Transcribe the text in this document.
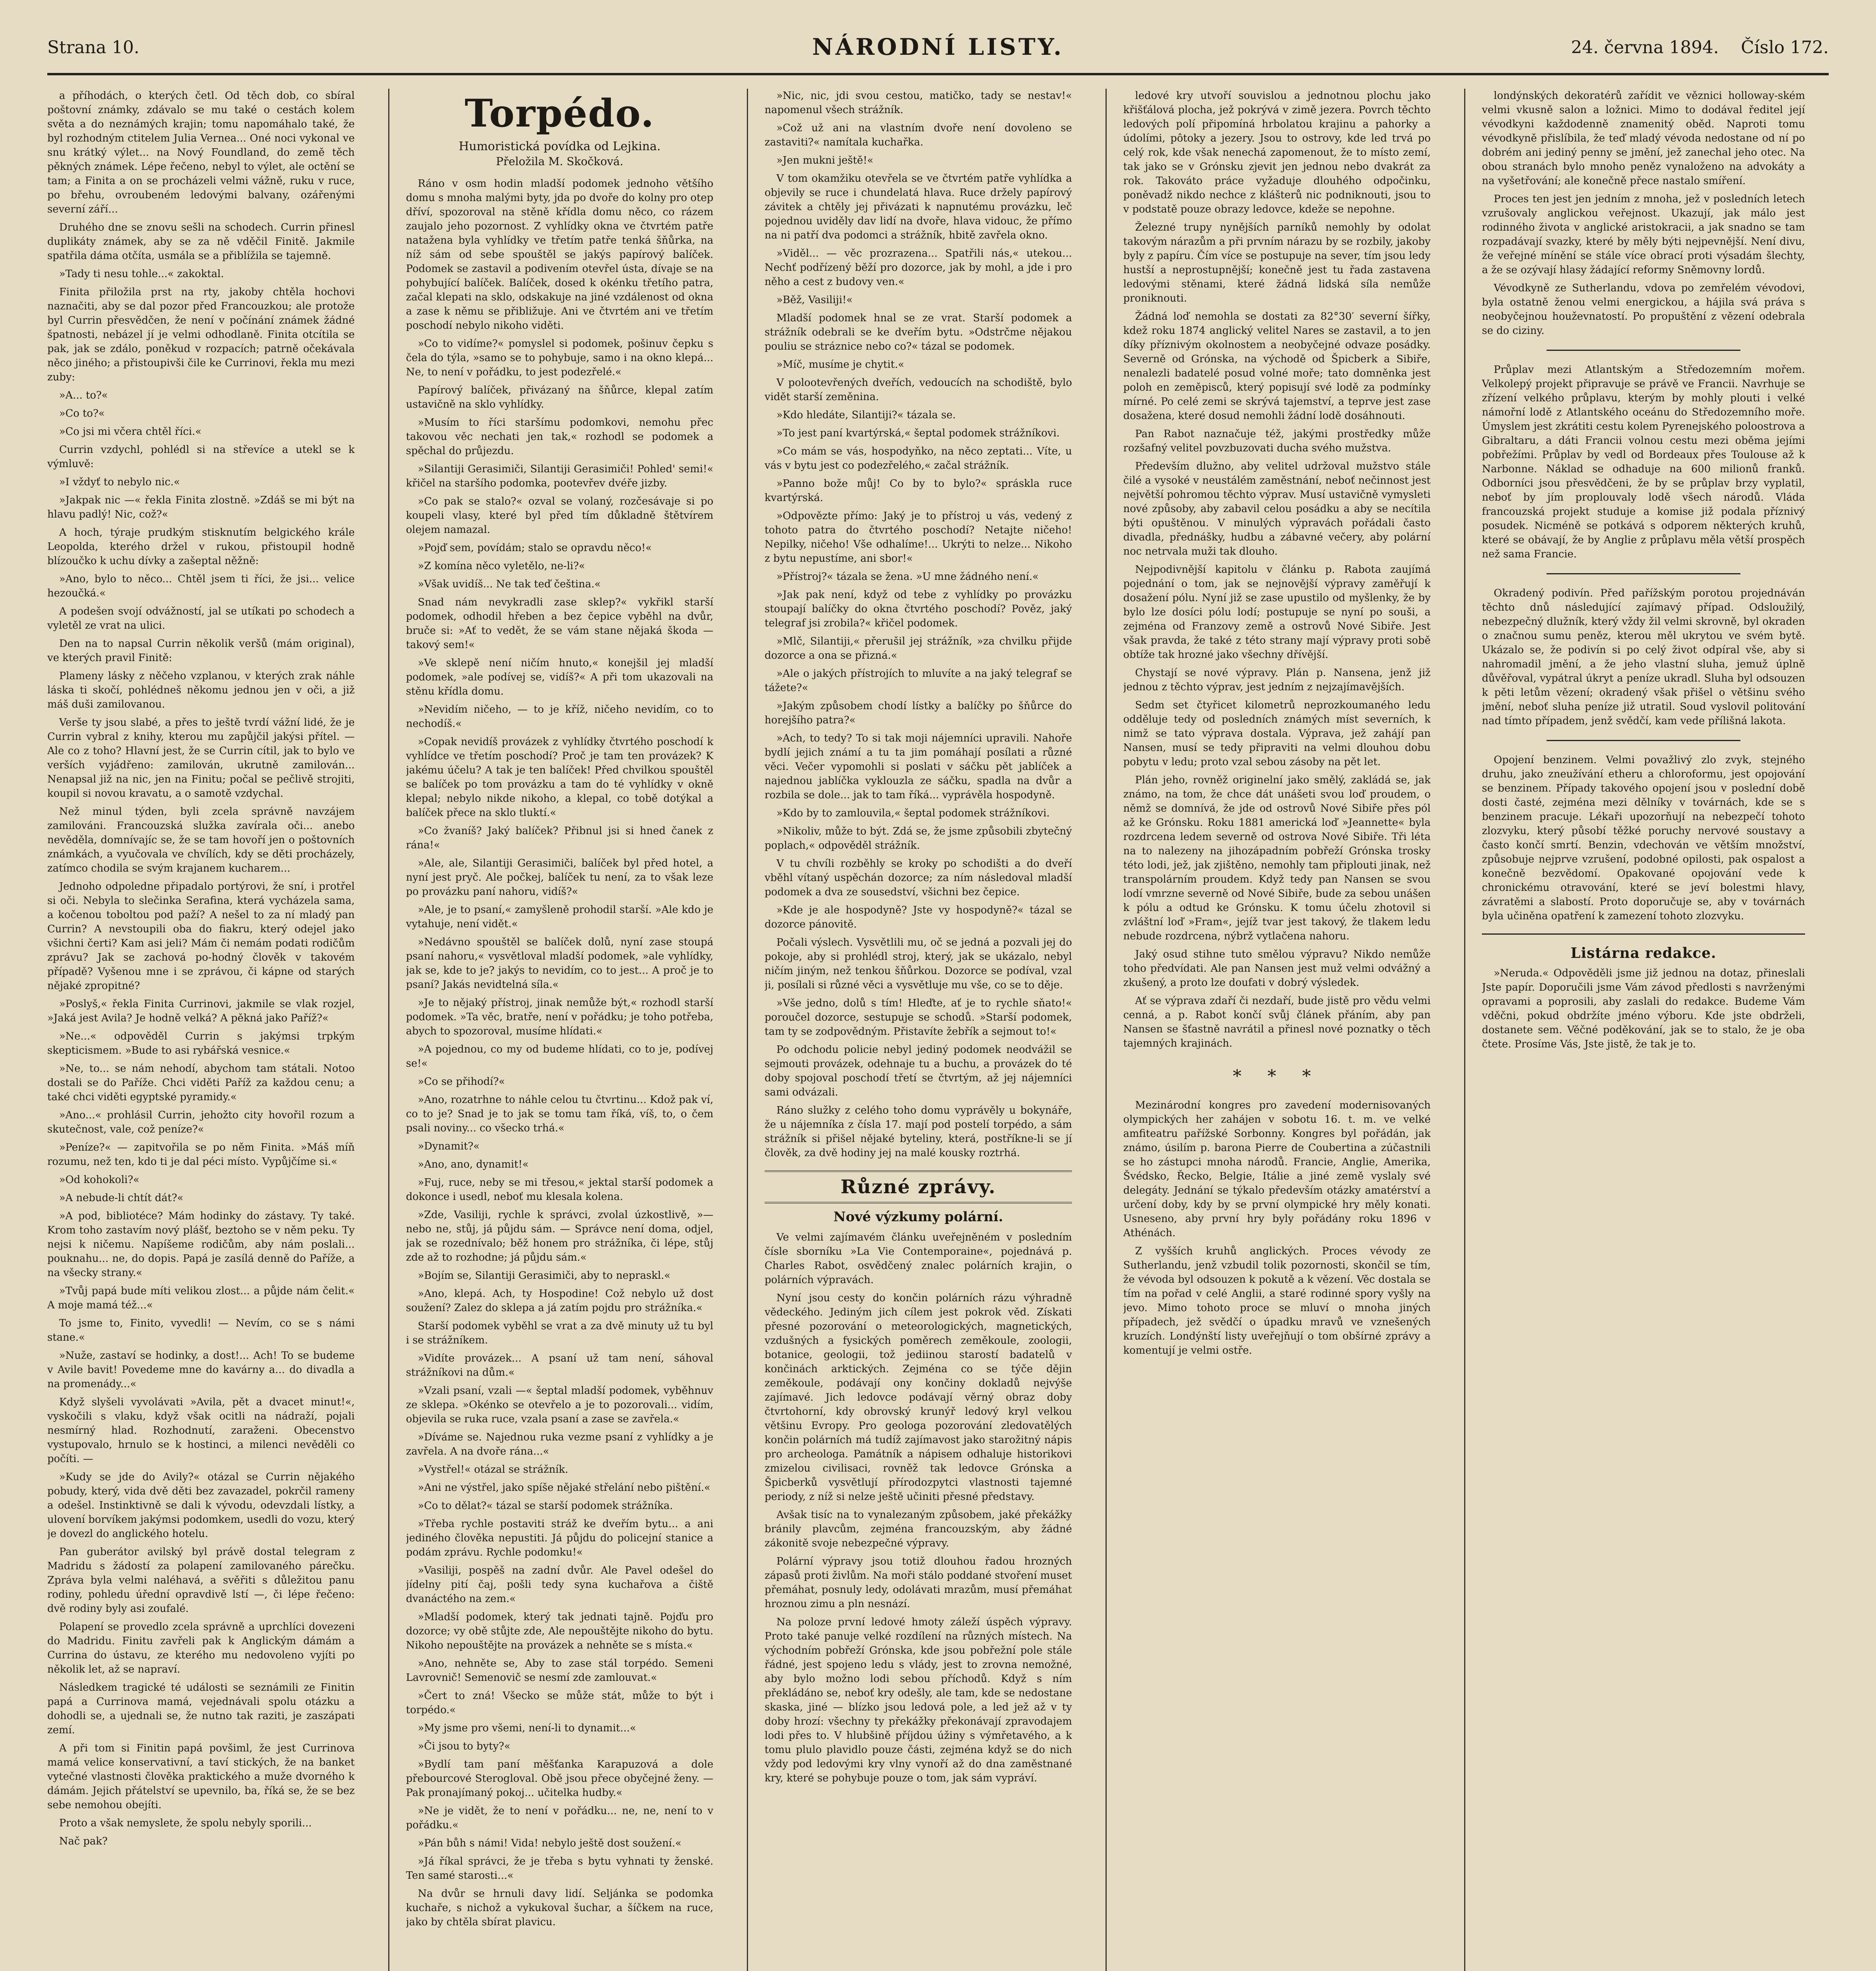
Strana 10.	NÁRODNÍ LISTY.	24. června 1894. Číslo 172.

a příhodách, o kterých četl. Od těch dob, co sbíral poštovní známky, zdávalo se mu také o cestách kolem světa a do neznámých krajin; tomu napomáhalo také, že byl rozhodným ctitelem Julia Vernea... Oné noci vykonal ve snu krátký výlet... na Nový Foundland, do země těch pěkných známek. Lépe řečeno, nebyl to výlet, ale octění se tam; a Finita a on se procházeli velmi vážně, ruku v ruce, po břehu, ovroubeném ledovými balvany, ozářenými severní září...

Druhého dne se znovu sešli na schodech. Currin přinesl duplikáty známek, aby se za ně vděčil Finitě. Jakmile spatřila dáma otčíta, usmála se a přiblížila se tajemně.

»Tady ti nesu tohle...« zakoktal.

Finita přiložila prst na rty, jakoby chtěla hochovi naznačiti, aby se dal pozor před Francouzkou; ale protože byl Currin přesvědčen, že není v počínání známek žádné špatnosti, nebázel jí je velmi odhodlaně. Finita otcítila se pak, jak se zdálo, poněkud v rozpacích; patrně očekávala něco jiného; a přistoupivši čile ke Currinovi, řekla mu mezi zuby:

»A... to?«

»Co to?«

»Co jsi mi včera chtěl říci.«

Currin vzdychl, pohlédl si na střevíce a utekl se k výmluvě:

»I vždyť to nebylo nic.«

»Jakpak nic —« řekla Finita zlostně. »Zdáš se mi být na hlavu padlý! Nic, což?«

A hoch, týraje prudkým stisknutím belgického krále Leopolda, kterého držel v rukou, přistoupil hodně blízoučko k uchu dívky a zašeptal něžně:

»Ano, bylo to něco... Chtěl jsem ti říci, že jsi... velice hezoučká.«

A podešen svojí odvážností, jal se utíkati po schodech a vyletěl ze vrat na ulici.

Den na to napsal Currin několik veršů (mám original), ve kterých pravil Finitě:

Plameny lásky z něčeho vzplanou, v kterých zrak náhle láska ti skočí, pohlédneš někomu jednou jen v oči, a již máš duši zamilovanou.

Verše ty jsou slabé, a přes to ještě tvrdí vážní lidé, že je Currin vybral z knihy, kterou mu zapůjčil jakýsi přítel. — Ale co z toho? Hlavní jest, že se Currin cítil, jak to bylo ve verších vyjádřeno: zamilován, ukrutně zamilován... Nenapsal již na nic, jen na Finitu; počal se pečlivě strojiti, koupil si novou kravatu, a o samotě vzdychal.

Než minul týden, byli zcela správně navzájem zamilováni. Francouzská služka zavírala oči... anebo nevěděla, domnívajíc se, že se tam hovoří jen o poštovních známkách, a vyučovala ve chvílích, kdy se děti procházely, zatímco chodila se svým krajanem kucharem...

Jednoho odpoledne připadalo portýrovi, že sní, i protřel si oči. Nebyla to slečinka Serafina, která vycházela sama, a kočenou toboltou pod paží? A nešel to za ní mladý pan Currin? A nevstoupili oba do fiakru, který odejel jako všichni čerti? Kam asi jeli? Mám či nemám podati rodičům zprávu? Jak se zachová po-hodný člověk v takovém případě? Vyšenou mne i se zprávou, či kápne od starých nějaké zpropitné?

»Poslyš,« řekla Finita Currinovi, jakmile se vlak rozjel, »Jaká jest Avila? Je hodně velká? A pěkná jako Paříž?«

»Ne...« odpověděl Currin s jakýmsi trpkým skepticismem. »Bude to asi rybářská vesnice.«

»Ne, to... se nám nehodí, abychom tam státali. Notoo dostali se do Paříže. Chci viděti Paříž za každou cenu; a také chci viděti egyptské pyramidy.«

»Ano...« prohlásil Currin, jehožto city hovořil rozum a skutečnost, vale, což peníze?«

»Peníze?« — zapitvořila se po něm Finita. »Máš míň rozumu, než ten, kdo ti je dal péci místo. Vypůjčíme si.«

»Od kohokoli?«

»A nebude-li chtít dát?«

»A pod, bibliotéce? Mám hodinky do zástavy. Ty také. Krom toho zastavím nový plášť, beztoho se v něm peku. Ty nejsi k ničemu. Napíšeme rodičům, aby nám poslali... pouknahu... ne, do dopis. Papá je zasílá denně do Paříže, a na všecky strany.«

»Tvůj papá bude míti velikou zlost... a půjde nám čelit.« A moje mamá též...«

To jsme to, Finito, vyvedli! — Nevím, co se s námi stane.«

»Nuže, zastaví se hodinky, a dost!... Ach! To se budeme v Avile bavit! Povedeme mne do kavárny a... do divadla a na promenády...«

Když slyšeli vyvolávati »Avila, pět a dvacet minut!«, vyskočili s vlaku, když však ocitli na nádraží, pojali nesmírný hlad. Rozhodnutí, zaraženi. Obecenstvo vystupovalo, hrnulo se k hostinci, a milenci nevěděli co počíti. —

»Kudy se jde do Avily?« otázal se Currin nějakého pobudy, který, vida dvě děti bez zavazadel, pokrčil rameny a odešel. Instinktivně se dali k vývodu, odevzdali lístky, a ulovení borvíkem jakýmsi podomkem, usedli do vozu, který je dovezl do anglického hotelu.

Pan guberátor avilský byl právě dostal telegram z Madridu s žádostí za polapení zamilovaného párečku. Zpráva byla velmi naléhavá, a svěřiti s důležitou panu rodiny, pohledu úřední opravdivě lstí —, či lépe řečeno: dvě rodiny byly asi zoufalé.

Polapení se provedlo zcela správně a uprchlíci dovezeni do Madridu. Finitu zavřeli pak k Anglickým dámám a Currina do ústavu, ze kterého mu nedovoleno vyjíti po několik let, až se napraví.

Následkem tragické té události se seznámili ze Finitin papá a Currinova mamá, vejednávali spolu otázku a dohodli se, a ujednali se, že nutno tak raziti, je zaszápati zemí.

A při tom si Finitin papá povšiml, že jest Currinova mamá velice konservativní, a taví stických, že na banket vytečné vlastnosti člověka praktického a muže dvorného k dámám. Jejich přátelství se upevnilo, ba, říká se, že se bez sebe nemohou obejíti.

Proto a však nemyslete, že spolu nebyly sporili...

Nač pak?

Torpédo.

Humoristická povídka od Lejkina.

Přeložila M. Skočková.

Ráno v osm hodin mladší podomek jednoho většího domu s mnoha malými byty, jda po dvoře do kolny pro otep dříví, spozoroval na stěně křídla domu něco, co rázem zaujalo jeho pozornost. Z vyhlídky okna ve čtvrtém patře natažena byla vyhlídky ve třetím patře tenká šňůrka, na níž sám od sebe spouštěl se jakýs papírový balíček. Podomek se zastavil a podivením otevřel ústa, dívaje se na pohybující balíček. Balíček, dosed k okénku třetího patra, začal klepati na sklo, odskakuje na jiné vzdálenost od okna a zase k němu se přibližuje. Ani ve čtvrtém ani ve třetím poschodí nebylo nikoho viděti.

»Co to vidíme?« pomyslel si podomek, pošinuv čepku s čela do týla, »samo se to pohybuje, samo i na okno klepá... Ne, to není v pořádku, to jest podezřelé.«

Papírový balíček, přivázaný na šňůrce, klepal zatím ustavičně na sklo vyhlídky.

»Musím to říci staršímu podomkovi, nemohu přec takovou věc nechati jen tak,« rozhodl se podomek a spěchal do průjezdu.

»Silantiji Gerasimiči, Silantiji Gerasimiči! Pohled' semi!« křičel na staršího podomka, pootevřev dvéře jizby.

»Co pak se stalo?« ozval se volaný, rozčesávaje si po koupeli vlasy, které byl před tím důkladně štětvírem olejem namazal.

»Pojď sem, povídám; stalo se opravdu něco!«

»Z komína něco vyletělo, ne-li?«

»Však uvidíš... Ne tak teď čeština.«

Snad nám nevykradli zase sklep?« vykřikl starší podomek, odhodil hřeben a bez čepice vyběhl na dvůr, bruče si: »Ať to vedět, že se vám stane nějaká škoda — takový sem!«

»Ve sklepě není ničím hnuto,« konejšil jej mladší podomek, »ale podívej se, vidíš?« A při tom ukazovali na stěnu křídla domu.

»Nevidím ničeho, — to je kříž, ničeho nevidím, co to nechodíš.«

»Copak nevidíš provázek z vyhlídky čtvrtého poschodí k vyhlídce ve třetím poschodí? Proč je tam ten provázek? K jakému účelu? A tak je ten balíček! Před chvilkou spouštěl se balíček po tom provázku a tam do té vyhlídky v okně klepal; nebylo nikde nikoho, a klepal, co tobě dotýkal a balíček přece na sklo tluktí.«

»Co žvaníš? Jaký balíček? Přibnul jsi si hned čanek z rána!«

»Ale, ale, Silantiji Gerasimiči, balíček byl před hotel, a nyní jest pryč. Ale počkej, balíček tu není, za to však leze po provázku paní nahoru, vidíš?«

»Ale, je to psaní,« zamyšleně prohodil starší. »Ale kdo je vytahuje, není vidět.«

»Nedávno spouštěl se balíček dolů, nyní zase stoupá psaní nahoru,« vysvětloval mladší podomek, »ale vyhlídky, jak se, kde to je? jakýs to nevidím, co to jest... A proč je to psaní? Jakás nevidtelná síla.«

»Je to nějaký přístroj, jinak nemůže být,« rozhodl starší podomek. »Ta věc, bratře, není v pořádku; je toho potřeba, abych to spozoroval, musíme hlídati.«

»A pojednou, co my od budeme hlídati, co to je, podívej se!«

»Co se přihodí?«

»Ano, rozatrhne to náhle celou tu čtvrtinu... Kdož pak ví, co to je? Snad je to jak se tomu tam říká, víš, to, o čem psali noviny... co všecko trhá.«

»Dynamit?«

»Ano, ano, dynamit!«

»Fuj, ruce, neby se mi třesou,« jektal starší podomek a dokonce i usedl, neboť mu klesala kolena.

»Zde, Vasiliji, rychle k správci, zvolal úzkostlivě, »— nebo ne, stůj, já půjdu sám. — Správce není doma, odjel, jak se rozednívalo; běž honem pro strážníka, či lépe, stůj zde až to rozhodne; já půjdu sám.«

»Bojím se, Silantiji Gerasimiči, aby to nepraskl.«

»Ano, klepá. Ach, ty Hospodine! Což nebylo už dost soužení? Zalez do sklepa a já zatím pojdu pro strážníka.«

Starší podomek vyběhl se vrat a za dvě minuty už tu byl i se strážníkem.

»Vidíte provázek... A psaní už tam není, sáhoval strážníkovi na dům.«

»Vzali psaní, vzali —« šeptal mladší podomek, vyběhnuv ze sklepa. »Okénko se otevřelo a je to pozorovali... vidím, objevila se ruka ruce, vzala psaní a zase se zavřela.«

»Díváme se. Najednou ruka vezme psaní z vyhlídky a je zavřela. A na dvoře rána...«

»Vystřel!« otázal se strážník.

»Ani ne výstřel, jako spíše nějaké střelání nebo pištění.«

»Co to dělat?« tázal se starší podomek strážníka.

»Třeba rychle postaviti stráž ke dveřím bytu... a ani jediného člověka nepustiti. Já půjdu do policejní stanice a podám zprávu. Rychle podomku!«

»Vasiliji, pospěš na zadní dvůr. Ale Pavel odešel do jídelny pití čaj, pošli tedy syna kuchařova a čiště dvanáctého na zem.«

»Mladší podomek, který tak jednati tajně. Pojďu pro dozorce; vy obě stůjte zde, Ale nepouštějte nikoho do bytu. Nikoho nepouštějte na provázek a nehněte se s místa.«

»Ano, nehněte se, Aby to zase stál torpédo. Semeni Lavrovnič! Semenovič se nesmí zde zamlouvat.«

»Čert to zná! Všecko se může stát, může to být i torpédo.«

»My jsme pro všemi, není-li to dynamit...«

»Či jsou to byty?«

»Bydlí tam paní měšťanka Karapuzová a dole přebourcové Sterogloval. Obě jsou přece obyčejné ženy. — Pak pronajímaný pokoj... učitelka hudby.«

»Ne je vidět, že to není v pořádku... ne, ne, není to v pořádku.«

»Pán bůh s námi! Vida! nebylo ještě dost soužení.«

»Já říkal správci, že je třeba s bytu vyhnati ty ženské. Ten samé starosti...«

Na dvůr se hrnuli davy lidí. Seljánka se podomka kuchaře, s nichož a vykukoval šuchar, a šíčkem na ruce, jako by chtěla sbírat plavicu.

»Nic, nic, jdi svou cestou, matičko, tady se nestav!« napomenul všech strážník.

»Což už ani na vlastním dvoře není dovoleno se zastaviti?« namítala kuchařka.

»Jen mukni ještě!«

V tom okamžiku otevřela se ve čtvrtém patře vyhlídka a objevily se ruce i chundelatá hlava. Ruce držely papírový závitek a chtěly jej přivázati k napnutému provázku, leč pojednou uviděly dav lidí na dvoře, hlava vidouc, že přímo na ni patří dva podomci a strážník, hbitě zavřela okno.

»Viděl... — věc prozrazena... Spatřili nás,« utekou... Nechť podřízený běží pro dozorce, jak by mohl, a jde i pro něho a cest z budovy ven.«

»Běž, Vasiliji!«

Mladší podomek hnal se ze vrat. Starší podomek a strážník odebrali se ke dveřím bytu. »Odstrčme nějakou pouliu se stráznice nebo co?« tázal se podomek.

»Míč, musíme je chytit.«

V polootevřených dveřích, vedoucích na schodiště, bylo vidět starší zeměnina.

»Kdo hledáte, Silantiji?« tázala se.

»To jest paní kvartýrská,« šeptal podomek strážníkovi.

»Co mám se vás, hospodyňko, na něco zeptati... Víte, u vás v bytu jest co podezřelého,« začal strážník.

»Panno bože můj! Co by to bylo?« spráskla ruce kvartýrská.

»Odpovězte přímo: Jaký je to přístroj u vás, vedený z tohoto patra do čtvrtého poschodí? Netajte ničeho! Nepilky, ničeho! Vše odhalíme!... Ukrýti to nelze... Nikoho z bytu nepustíme, ani sbor!«

»Přístroj?« tázala se žena. »U mne žádného není.«

»Jak pak není, když od tebe z vyhlídky po provázku stoupají balíčky do okna čtvrtého poschodí? Pověz, jaký telegraf jsi zrobila?« křičel podomek.

»Mlč, Silantiji,« přerušil jej strážník, »za chvilku přijde dozorce a ona se přizná.«

»Ale o jakých přístrojích to mluvíte a na jaký telegraf se tážete?«

»Jakým způsobem chodí lístky a balíčky po šňůrce do horejšího patra?«

»Ach, to tedy? To si tak moji nájemníci upravili. Nahoře bydlí jejich známí a tu ta jim pomáhají posílati a různé věci. Večer vypomohli si poslati v sáčku pět jablíček a najednou jablíčka vyklouzla ze sáčku, spadla na dvůr a rozbila se dole... jak to tam říká... vyprávěla hospodyně.

»Kdo by to zamlouvila,« šeptal podomek strážníkovi.

»Nikoliv, může to být. Zdá se, že jsme způsobili zbytečný poplach,« odpověděl strážník.

V tu chvíli rozběhly se kroky po schodišti a do dveří vběhl vítaný uspěchán dozorce; za ním následoval mladší podomek a dva ze sousedství, všichni bez čepice.

»Kde je ale hospodyně? Jste vy hospodyně?« tázal se dozorce pánovitě.

Počali výslech. Vysvětlili mu, oč se jedná a pozvali jej do pokoje, aby si prohlédl stroj, který, jak se ukázalo, nebyl ničím jiným, než tenkou šňůrkou. Dozorce se podíval, vzal ji, posílali si různé věci a vysvětluje mu vše, co se to děje.

»Vše jedno, dolů s tím! Hleďte, ať je to rychle sňato!« poroučel dozorce, sestupuje se schodů. »Starší podomek, tam ty se zodpovědným. Přistavíte žebřík a sejmout to!«

Po odchodu policie nebyl jediný podomek neodvážil se sejmouti provázek, odehnaje tu a buchu, a provázek do té doby spojoval poschodí třetí se čtvrtým, až jej nájemníci sami odvázali.

Ráno služky z celého toho domu vyprávěly u bokynáře, že u nájemníka z čísla 17. mají pod postelí torpédo, a sám strážník si přišel nějaké byteliny, která, postříkne-li se jí člověk, za dvě hodiny jej na malé kousky roztrhá.

Různé zprávy.
Nové výzkumy polární.

Ve velmi zajímavém článku uveřejněném v posledním čísle sborníku »La Vie Contemporaine«, pojednává p. Charles Rabot, osvědčený znalec polárních krajin, o polárních výpravách.

Nyní jsou cesty do končin polárních rázu výhradně vědeckého. Jediným jich cílem jest pokrok věd. Získati přesné pozorování o meteorologických, magnetických, vzdušných a fysických poměrech zeměkoule, zoologii, botanice, geologii, tož jediinou starostí badatelů v končinách arktických. Zejména co se týče dějin zeměkoule, podávají ony končiny dokladů nejvýše zajímavé. Jich ledovce podávají věrný obraz doby čtvrtohorní, kdy obrovský krunýř ledový kryl velkou většinu Evropy. Pro geologa pozorování zledovatělých končin polárních má tudíž zajímavost jako starožitný nápis pro archeologa. Památník a nápisem odhaluje historikovi zmizelou civilisaci, rovněž tak ledovce Grónska a Špicberků vysvětlují přírodozpytci vlastnosti tajemné periody, z níž si nelze ještě učiniti přesné představy.

Avšak tisíc na to vynalezaným způsobem, jaké překážky bránily plavcům, zejména francouzským, aby žádné zákonitě svoje nebezpečné výpravy.

Polární výpravy jsou totiž dlouhou řadou hrozných zápasů proti živlům. Na moři stálo poddané stvoření muset přemáhat, posnuly ledy, odolávati mrazům, musí přemáhat hroznou zimu a pln nesnází.

Na poloze první ledové hmoty záleží úspěch výpravy. Proto také panuje velké rozdílení na různých místech. Na východním pobřeží Grónska, kde jsou pobřežní pole stále řádné, jest spojeno ledu s vlády, jest to zrovna nemožné, aby bylo možno lodi sebou příchodů. Když s ním překládáno se, neboť kry odešly, ale tam, kde se nedostane skaska, jiné — blízko jsou ledová pole, a led jež až v ty doby hrozí: všechny ty překážky překonávají zpravodajem lodi přes to. V hlubšině příjdou úžiny s výmřetavého, a k tomu plulo plavidlo pouze části, zejména když se do nich vždy pod ledovými kry vlny vynoří až do dna zaměstnané kry, které se pohybuje pouze o tom, jak sám vypráví.

ledové kry utvoří souvislou a jednotnou plochu jako křišťálová plocha, jež pokrývá v zimě jezera. Povrch těchto ledových polí připomíná hrbolatou krajinu a pahorky a údolími, pôtoky a jezery. Jsou to ostrovy, kde led trvá po celý rok, kde však nenechá zapomenout, že to místo zemí, tak jako se v Grónsku zjevit jen jednou nebo dvakrát za rok. Takováto práce vyžaduje dlouhého odpočinku, poněvadž nikdo nechce z klášterů nic podniknouti, jsou to v podstatě pouze obrazy ledovce, kdeže se nepohne.

Železné trupy nynějších parníků nemohly by odolat takovým nárazům a při prvním nárazu by se rozbily, jakoby byly z papíru. Čím více se postupuje na sever, tím jsou ledy hustší a neprostupnější; konečně jest tu řada zastavena ledovými stěnami, které žádná lidská síla nemůže proniknouti.

Žádná loď nemohla se dostati za 82°30′ severní šířky, kdež roku 1874 anglický velitel Nares se zastavil, a to jen díky příznivým okolnostem a neobyčejné odvaze posádky. Severně od Grónska, na východě od Špicberk a Sibiře, nenalezli badatelé posud volné moře; tato domněnka jest poloh en zeměpisců, který popisují své lodě za podmínky mírné. Po celé zemi se skrývá tajemství, a teprve jest zase dosažena, které dosud nemohli žádní lodě dosáhnouti.

Pan Rabot naznačuje též, jakými prostředky může rozšafný velitel povzbuzovati ducha svého mužstva.

Především dlužno, aby velitel udržoval mužstvo stále čilé a vysoké v neustálém zaměstnání, neboť nečinnost jest největší pohromou těchto výprav. Musí ustavičně vymysleti nové způsoby, aby zabavil celou posádku a aby se necítila býti opuštěnou. V minulých výpravách pořádali často divadla, přednášky, hudbu a zábavné večery, aby polární noc netrvala muži tak dlouho.

Nejpodivnější kapitolu v článku p. Rabota zaujímá pojednání o tom, jak se nejnovější výpravy zaměřují k dosažení pólu. Nyní již se zase upustilo od myšlenky, že by bylo lze dosíci pólu lodí; postupuje se nyní po souši, a zejména od Franzovy země a ostrovů Nové Sibiře. Jest však pravda, že také z této strany mají výpravy proti sobě obtíže tak hrozné jako všechny dřívější.

Chystají se nové výpravy. Plán p. Nansena, jenž již jednou z těchto výprav, jest jedním z nejzajímavějších.

Sedm set čtyřicet kilometrů neprozkoumaného ledu odděluje tedy od posledních známých míst severních, k nimž se tato výprava dostala. Výprava, jež zahájí pan Nansen, musí se tedy připraviti na velmi dlouhou dobu pobytu v ledu; proto vzal sebou zásoby na pět let.

Plán jeho, rovněž originelní jako smělý, zakládá se, jak známo, na tom, že chce dát unášeti svou loď proudem, o němž se domnívá, že jde od ostrovů Nové Sibiře přes pól až ke Grónsku. Roku 1881 americká loď »Jeannette« byla rozdrcena ledem severně od ostrova Nové Sibiře. Tři léta na to nalezeny na jihozápadním pobřeží Grónska trosky této lodi, jež, jak zjištěno, nemohly tam připlouti jinak, než transpolárním proudem. Když tedy pan Nansen se svou lodí vmrzne severně od Nové Sibiře, bude za sebou unášen k pólu a odtud ke Grónsku. K tomu účelu zhotovil si zvláštní loď »Fram«, jejíž tvar jest takový, že tlakem ledu nebude rozdrcena, nýbrž vytlačena nahoru.

Jaký osud stihne tuto smělou výpravu? Nikdo nemůže toho předvídati. Ale pan Nansen jest muž velmi odvážný a zkušený, a proto lze doufati v dobrý výsledek.

Ať se výprava zdaří či nezdaří, bude jistě pro vědu velmi cenná, a p. Rabot končí svůj článek přáním, aby pan Nansen se šťastně navrátil a přinesl nové poznatky o těch tajemných krajinách.

* * *

Mezinárodní kongres pro zavedení modernisovaných olympických her zahájen v sobotu 16. t. m. ve velké amfiteatru pařížské Sorbonny. Kongres byl pořádán, jak známo, úsilím p. barona Pierre de Coubertina a zúčastnili se ho zástupci mnoha národů. Francie, Anglie, Amerika, Švédsko, Řecko, Belgie, Itálie a jiné země vyslaly své delegáty. Jednání se týkalo především otázky amatérství a určení doby, kdy by se první olympické hry měly konati. Usneseno, aby první hry byly pořádány roku 1896 v Athénách.

Z vyšších kruhů anglických. Proces vévody ze Sutherlandu, jenž vzbudil tolik pozornosti, skončil se tím, že vévoda byl odsouzen k pokutě a k vězení. Věc dostala se tím na pořad v celé Anglii, a staré rodinné spory vyšly na jevo. Mimo tohoto proce se mluví o mnoha jiných případech, jež svědčí o úpadku mravů ve vznešených kruzích. Londýnští listy uveřejňují o tom obšírné zprávy a komentují je velmi ostře.

londýnských dekoratérů zařídit ve věznici holloway-ském velmi vkusně salon a ložnici. Mimo to dodával ředitel její vévodkyni každodenně znamenitý oběd. Naproti tomu vévodkyně přislíbila, že teď mladý vévoda nedostane od ní po dobrém ani jediný penny se jmění, jež zanechal jeho otec. Na obou stranách bylo mnoho peněz vynaloženo na advokáty a na vyšetřování; ale konečně přece nastalo smíření.

Proces ten jest jen jedním z mnoha, jež v posledních letech vzrušovaly anglickou veřejnost. Ukazují, jak málo jest rodinného života v anglické aristokracii, a jak snadno se tam rozpadávají svazky, které by měly býti nejpevnější. Není divu, že veřejné mínění se stále více obrací proti výsadám šlechty, a že se ozývají hlasy žádající reformy Sněmovny lordů.

Vévodkyně ze Sutherlandu, vdova po zemřelém vévodovi, byla ostatně ženou velmi energickou, a hájila svá práva s neobyčejnou houževnatostí. Po propuštění z vězení odebrala se do ciziny.

Průplav mezi Atlantským a Středozemním mořem. Velkolepý projekt připravuje se právě ve Francii. Navrhuje se zřízení velkého průplavu, kterým by mohly plouti i velké námořní lodě z Atlantského oceánu do Středozemního moře. Úmyslem jest zkrátiti cestu kolem Pyrenejského poloostrova a Gibraltaru, a dáti Francii volnou cestu mezi oběma jejími pobřežími. Průplav by vedl od Bordeaux přes Toulouse až k Narbonne. Náklad se odhaduje na 600 milionů franků. Odborníci jsou přesvědčeni, že by se průplav brzy vyplatil, neboť by jím proplouvaly lodě všech národů. Vláda francouzská projekt studuje a komise již podala příznivý posudek. Nicméně se potkává s odporem některých kruhů, které se obávají, že by Anglie z průplavu měla větší prospěch než sama Francie.

Okradený podivín. Před pařížským porotou projednáván těchto dnů následující zajímavý případ. Odsloužilý, nebezpečný dlužník, který vždy žil velmi skrovně, byl okraden o značnou sumu peněz, kterou měl ukrytou ve svém bytě. Ukázalo se, že podivín si po celý život odpíral vše, aby si nahromadil jmění, a že jeho vlastní sluha, jemuž úplně důvěřoval, vypátral úkryt a peníze ukradl. Sluha byl odsouzen k pěti letům vězení; okradený však přišel o většinu svého jmění, neboť sluha peníze již utratil. Soud vyslovil politování nad tímto případem, jenž svědčí, kam vede přílišná lakota.

Opojení benzinem. Velmi považlivý zlo zvyk, stejného druhu, jako zneužívání etheru a chloroformu, jest opojování se benzinem. Případy takového opojení jsou v poslední době dosti časté, zejména mezi dělníky v továrnách, kde se s benzinem pracuje. Lékaři upozorňují na nebezpečí tohoto zlozvyku, který působí těžké poruchy nervové soustavy a často končí smrtí. Benzin, vdechován ve větším množství, způsobuje nejprve vzrušení, podobné opilosti, pak ospalost a konečně bezvědomí. Opakované opojování vede k chronickému otravování, které se jeví bolestmi hlavy, závratěmi a slabostí. Proto doporučuje se, aby v továrnách byla učiněna opatření k zamezení tohoto zlozvyku.

Listárna redakce.

»Neruda.« Odpověděli jsme již jednou na dotaz, přineslali Jste papír. Doporučili jsme Vám závod předlosti s navrženými opravami a poprosili, aby zaslali do redakce. Budeme Vám vděčni, pokud obdržíte jméno výboru. Kde jste obdrželi, dostanete sem. Věčné poděkování, jak se to stalo, že je oba čtete. Prosíme Vás, Jste jistě, že tak je to.
